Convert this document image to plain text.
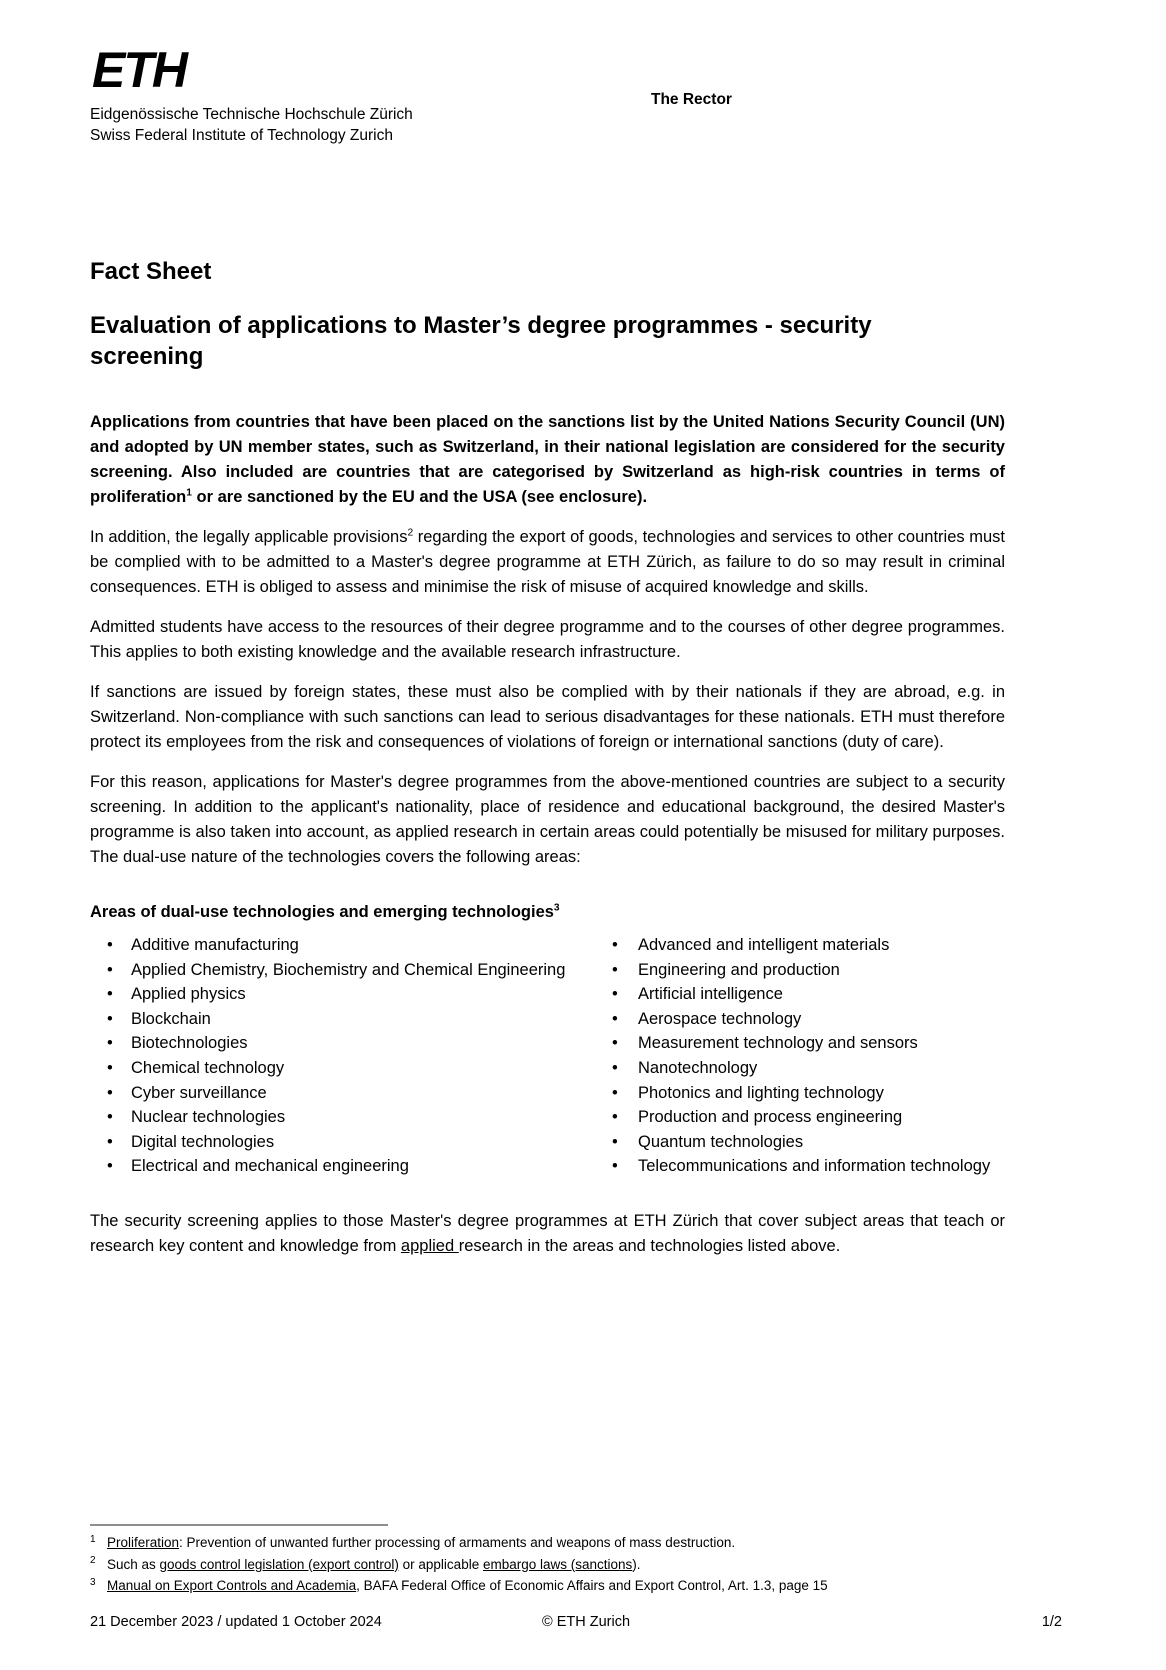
ETH
Eidgenössische Technische Hochschule Zürich
Swiss Federal Institute of Technology Zurich
The Rector
Fact Sheet
Evaluation of applications to Master’s degree programmes - security screening

Applications from countries that have been placed on the sanctions list by the United Nations Security Council (UN) and adopted by UN member states, such as Switzerland, in their national legislation are considered for the security screening. Also included are countries that are categorised by Switzerland as high-risk countries in terms of proliferation$^1$ or are sanctioned by the EU and the USA (see enclosure).

In addition, the legally applicable provisions$^2$ regarding the export of goods, technologies and services to other countries must be complied with to be admitted to a Master's degree programme at ETH Zürich, as failure to do so may result in criminal consequences. ETH is obliged to assess and minimise the risk of misuse of acquired knowledge and skills.

Admitted students have access to the resources of their degree programme and to the courses of other degree programmes. This applies to both existing knowledge and the available research infrastructure.

If sanctions are issued by foreign states, these must also be complied with by their nationals if they are abroad, e.g. in Switzerland. Non-compliance with such sanctions can lead to serious disadvantages for these nationals. ETH must therefore protect its employees from the risk and consequences of violations of foreign or international sanctions (duty of care).

For this reason, applications for Master's degree programmes from the above-mentioned countries are subject to a security screening. In addition to the applicant's nationality, place of residence and educational background, the desired Master's programme is also taken into account, as applied research in certain areas could potentially be misused for military purposes. The dual-use nature of the technologies covers the following areas:

Areas of dual-use technologies and emerging technologies$^3$
• Additive manufacturing
• Applied Chemistry, Biochemistry and Chemical Engineering
• Applied physics
• Blockchain
• Biotechnologies
• Chemical technology
• Cyber surveillance
• Nuclear technologies
• Digital technologies
• Electrical and mechanical engineering
• Advanced and intelligent materials
• Engineering and production
• Artificial intelligence
• Aerospace technology
• Measurement technology and sensors
• Nanotechnology
• Photonics and lighting technology
• Production and process engineering
• Quantum technologies
• Telecommunications and information technology

The security screening applies to those Master's degree programmes at ETH Zürich that cover subject areas that teach or research key content and knowledge from applied research in the areas and technologies listed above.

1 Proliferation: Prevention of unwanted further processing of armaments and weapons of mass destruction.

2 Such as goods control legislation (export control) or applicable embargo laws (sanctions).

3 Manual on Export Controls and Academia, BAFA Federal Office of Economic Affairs and Export Control, Art. 1.3, page 15

21 December 2023 / updated 1 October 2024	© ETH Zurich	1/2
